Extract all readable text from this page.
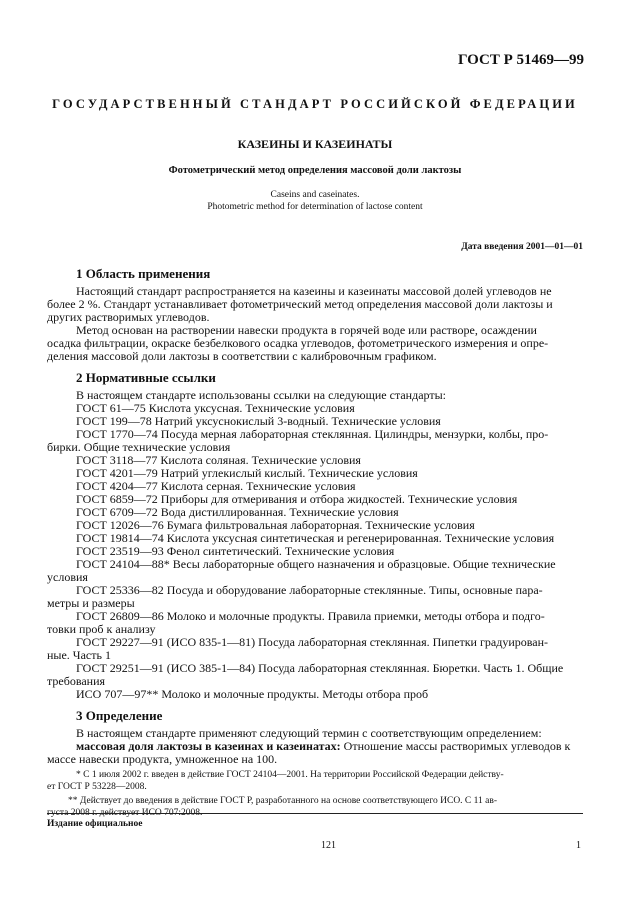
ГОСТ Р 51469—99
ГОСУДАРСТВЕННЫЙ СТАНДАРТ РОССИЙСКОЙ ФЕДЕРАЦИИ
КАЗЕИНЫ И КАЗЕИНАТЫ
Фотометрический метод определения массовой доли лактозы
Caseins and caseinates.
Photometric method for determination of lactose content
Дата введения 2001—01—01
1 Область применения
Настоящий стандарт распространяется на казеины и казеинаты массовой долей углеводов не
более 2 %. Стандарт устанавливает фотометрический метод определения массовой доли лактозы и
других растворимых углеводов.
Метод основан на растворении навески продукта в горячей воде или растворе, осаждении
осадка фильтрации, окраске безбелкового осадка углеводов, фотометрического измерения и опре-
деления массовой доли лактозы в соответствии с калибровочным графиком.
2 Нормативные ссылки
В настоящем стандарте использованы ссылки на следующие стандарты:
ГОСТ 61—75 Кислота уксусная. Технические условия
ГОСТ 199—78 Натрий уксуснокислый 3-водный. Технические условия
ГОСТ 1770—74 Посуда мерная лабораторная стеклянная. Цилиндры, мензурки, колбы, про-
бирки. Общие технические условия
ГОСТ 3118—77 Кислота соляная. Технические условия
ГОСТ 4201—79 Натрий углекислый кислый. Технические условия
ГОСТ 4204—77 Кислота серная. Технические условия
ГОСТ 6859—72 Приборы для отмеривания и отбора жидкостей. Технические условия
ГОСТ 6709—72 Вода дистиллированная. Технические условия
ГОСТ 12026—76 Бумага фильтровальная лабораторная. Технические условия
ГОСТ 19814—74 Кислота уксусная синтетическая и регенерированная. Технические условия
ГОСТ 23519—93 Фенол синтетический. Технические условия
ГОСТ 24104—88* Весы лабораторные общего назначения и образцовые. Общие технические
условия
ГОСТ 25336—82 Посуда и оборудование лабораторные стеклянные. Типы, основные пара-
метры и размеры
ГОСТ 26809—86 Молоко и молочные продукты. Правила приемки, методы отбора и подго-
товки проб к анализу
ГОСТ 29227—91 (ИСО 835-1—81) Посуда лабораторная стеклянная. Пипетки градуирован-
ные. Часть 1
ГОСТ 29251—91 (ИСО 385-1—84) Посуда лабораторная стеклянная. Бюретки. Часть 1. Общие
требования
ИСО 707—97** Молоко и молочные продукты. Методы отбора проб
3 Определение
В настоящем стандарте применяют следующий термин с соответствующим определением:
массовая доля лактозы в казеинах и казеинатах: Отношение массы растворимых углеводов к
массе навески продукта, умноженное на 100.
* С 1 июля 2002 г. введен в действие ГОСТ 24104—2001. На территории Российской Федерации действу-
ет ГОСТ Р 53228—2008.
** Действует до введения в действие ГОСТ Р, разработанного на основе соответствующего ИСО. С 11 ав-
густа 2008 г. действует ИСО 707:2008.
Издание официальное
121	1
